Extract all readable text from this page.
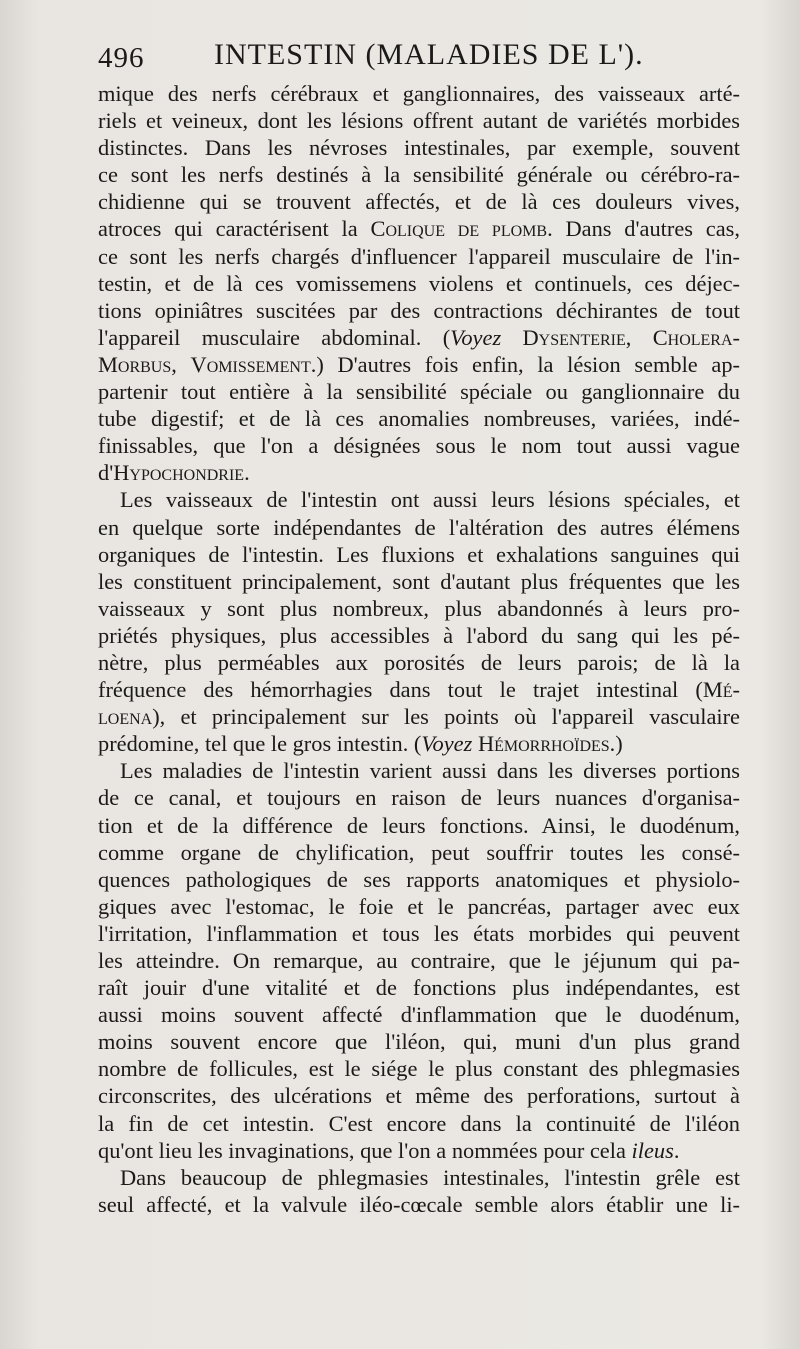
496 INTESTIN (MALADIES DE L').
mique des nerfs cérébraux et ganglionnaires, des vaisseaux arté-
riels et veineux, dont les lésions offrent autant de variétés morbides
distinctes. Dans les névroses intestinales, par exemple, souvent
ce sont les nerfs destinés à la sensibilité générale ou cérébro-ra-
chidienne qui se trouvent affectés, et de là ces douleurs vives,
atroces qui caractérisent la Colique de plomb. Dans d'autres cas,
ce sont les nerfs chargés d'influencer l'appareil musculaire de l'in-
testin, et de là ces vomissemens violens et continuels, ces déjec-
tions opiniâtres suscitées par des contractions déchirantes de tout
l'appareil musculaire abdominal. (Voyez Dysenterie, Cholera-
Morbus, Vomissement.) D'autres fois enfin, la lésion semble ap-
partenir tout entière à la sensibilité spéciale ou ganglionnaire du
tube digestif; et de là ces anomalies nombreuses, variées, indé-
finissables, que l'on a désignées sous le nom tout aussi vague
d'Hypochondrie.
Les vaisseaux de l'intestin ont aussi leurs lésions spéciales, et
en quelque sorte indépendantes de l'altération des autres élémens
organiques de l'intestin. Les fluxions et exhalations sanguines qui
les constituent principalement, sont d'autant plus fréquentes que les
vaisseaux y sont plus nombreux, plus abandonnés à leurs pro-
priétés physiques, plus accessibles à l'abord du sang qui les pé-
nètre, plus perméables aux porosités de leurs parois; de là la
fréquence des hémorrhagies dans tout le trajet intestinal (Mé-
loena), et principalement sur les points où l'appareil vasculaire
prédomine, tel que le gros intestin. (Voyez Hémorrhoïdes.)
Les maladies de l'intestin varient aussi dans les diverses portions
de ce canal, et toujours en raison de leurs nuances d'organisa-
tion et de la différence de leurs fonctions. Ainsi, le duodénum,
comme organe de chylification, peut souffrir toutes les consé-
quences pathologiques de ses rapports anatomiques et physiolo-
giques avec l'estomac, le foie et le pancréas, partager avec eux
l'irritation, l'inflammation et tous les états morbides qui peuvent
les atteindre. On remarque, au contraire, que le jéjunum qui pa-
raît jouir d'une vitalité et de fonctions plus indépendantes, est
aussi moins souvent affecté d'inflammation que le duodénum,
moins souvent encore que l'iléon, qui, muni d'un plus grand
nombre de follicules, est le siége le plus constant des phlegmasies
circonscrites, des ulcérations et même des perforations, surtout à
la fin de cet intestin. C'est encore dans la continuité de l'iléon
qu'ont lieu les invaginations, que l'on a nommées pour cela ileus.
Dans beaucoup de phlegmasies intestinales, l'intestin grêle est
seul affecté, et la valvule iléo-cœcale semble alors établir une li-
